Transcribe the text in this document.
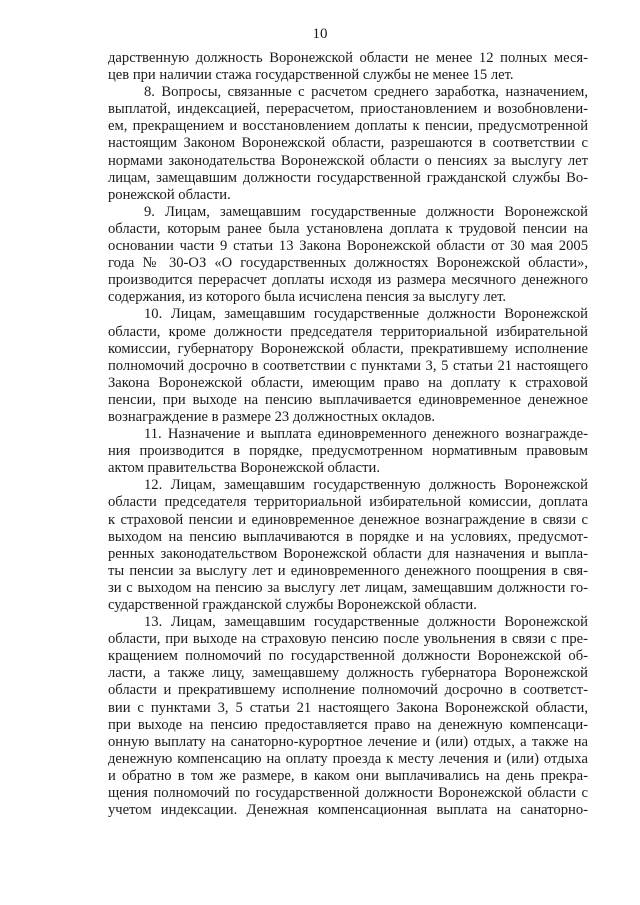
10
дарственную должность Воронежской области не менее 12 полных меся-
цев при наличии стажа государственной службы не менее 15 лет.
8. Вопросы, связанные с расчетом среднего заработка, назначением,
выплатой, индексацией, перерасчетом, приостановлением и возобновлени-
ем, прекращением и восстановлением доплаты к пенсии, предусмотренной
настоящим Законом Воронежской области, разрешаются в соответствии с
нормами законодательства Воронежской области о пенсиях за выслугу лет
лицам, замещавшим должности государственной гражданской службы Во-
ронежской области.
9. Лицам, замещавшим государственные должности Воронежской
области, которым ранее была установлена доплата к трудовой пенсии на
основании части 9 статьи 13 Закона Воронежской области от 30 мая 2005
года № 30-ОЗ «О государственных должностях Воронежской области»,
производится перерасчет доплаты исходя из размера месячного денежного
содержания, из которого была исчислена пенсия за выслугу лет.
10. Лицам, замещавшим государственные должности Воронежской
области, кроме должности председателя территориальной избирательной
комиссии, губернатору Воронежской области, прекратившему исполнение
полномочий досрочно в соответствии с пунктами 3, 5 статьи 21 настоящего
Закона Воронежской области, имеющим право на доплату к страховой
пенсии, при выходе на пенсию выплачивается единовременное денежное
вознаграждение в размере 23 должностных окладов.
11. Назначение и выплата единовременного денежного вознагражде-
ния производится в порядке, предусмотренном нормативным правовым
актом правительства Воронежской области.
12. Лицам, замещавшим государственную должность Воронежской
области председателя территориальной избирательной комиссии, доплата
к страховой пенсии и единовременное денежное вознаграждение в связи с
выходом на пенсию выплачиваются в порядке и на условиях, предусмот-
ренных законодательством Воронежской области для назначения и выпла-
ты пенсии за выслугу лет и единовременного денежного поощрения в свя-
зи с выходом на пенсию за выслугу лет лицам, замещавшим должности го-
сударственной гражданской службы Воронежской области.
13. Лицам, замещавшим государственные должности Воронежской
области, при выходе на страховую пенсию после увольнения в связи с пре-
кращением полномочий по государственной должности Воронежской об-
ласти, а также лицу, замещавшему должность губернатора Воронежской
области и прекратившему исполнение полномочий досрочно в соответст-
вии с пунктами 3, 5 статьи 21 настоящего Закона Воронежской области,
при выходе на пенсию предоставляется право на денежную компенсаци-
онную выплату на санаторно-курортное лечение и (или) отдых, а также на
денежную компенсацию на оплату проезда к месту лечения и (или) отдыха
и обратно в том же размере, в каком они выплачивались на день прекра-
щения полномочий по государственной должности Воронежской области с
учетом индексации. Денежная компенсационная выплата на санаторно-
